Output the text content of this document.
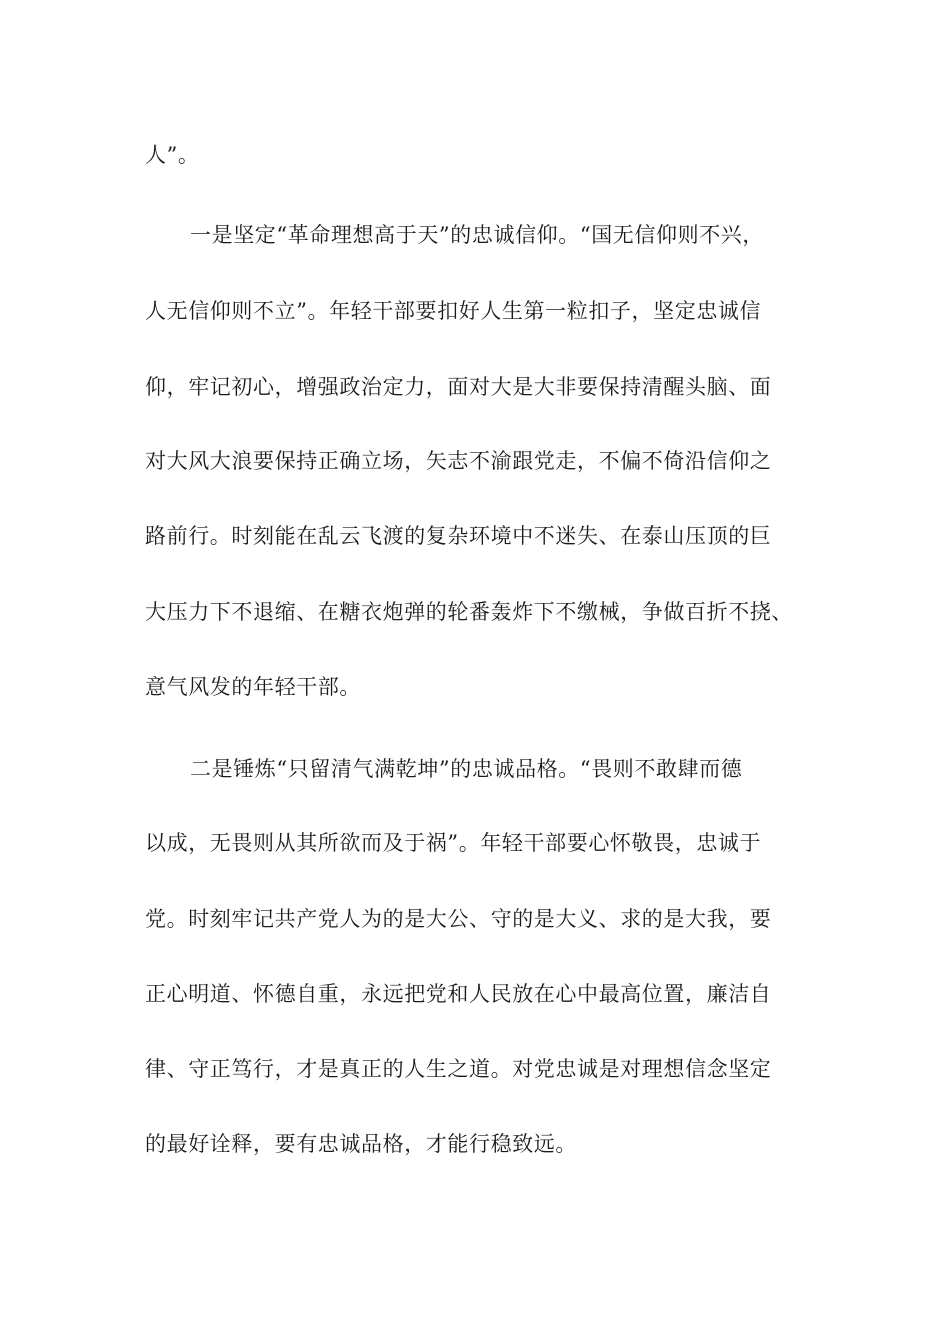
人”。
一是坚定“革命理想高于天”的忠诚信仰。“国无信仰则不兴，
人无信仰则不立”。年轻干部要扣好人生第一粒扣子，坚定忠诚信
仰，牢记初心，增强政治定力，面对大是大非要保持清醒头脑、面
对大风大浪要保持正确立场，矢志不渝跟党走，不偏不倚沿信仰之
路前行。时刻能在乱云飞渡的复杂环境中不迷失、在泰山压顶的巨
大压力下不退缩、在糖衣炮弹的轮番轰炸下不缴械，争做百折不挠、
意气风发的年轻干部。
二是锤炼“只留清气满乾坤”的忠诚品格。“畏则不敢肆而德
以成，无畏则从其所欲而及于祸”。年轻干部要心怀敬畏，忠诚于
党。时刻牢记共产党人为的是大公、守的是大义、求的是大我，要
正心明道、怀德自重，永远把党和人民放在心中最高位置，廉洁自
律、守正笃行，才是真正的人生之道。对党忠诚是对理想信念坚定
的最好诠释，要有忠诚品格，才能行稳致远。
